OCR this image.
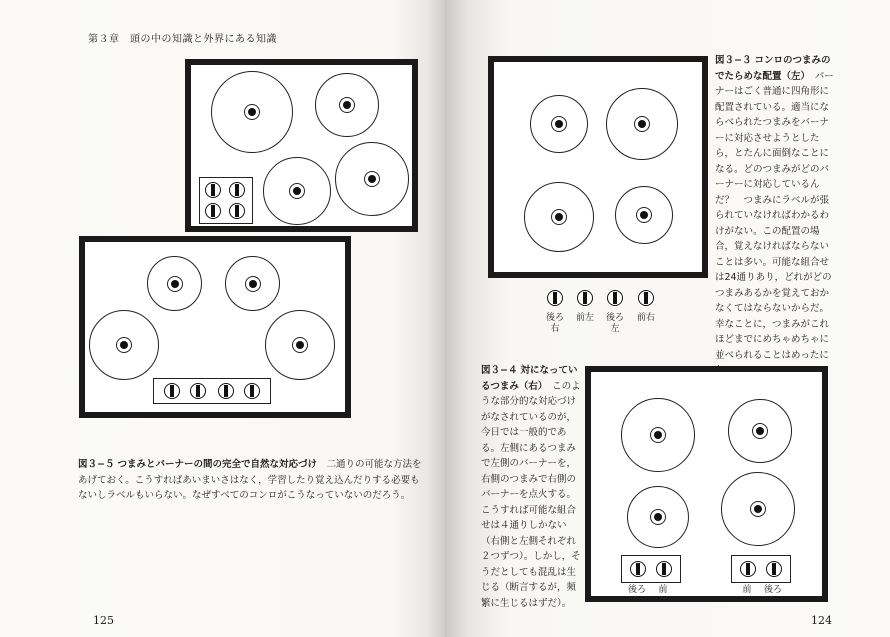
第３章　頭の中の知識と外界にある知識
図３−５ つまみとバーナーの間の完全で自然な対応づけ　二通りの可能な方法をあげておく。こうすればあいまいさはなく，学習したり覚え込んだりする必要もないしラベルもいらない。なぜすべてのコンロがこうなっていないのだろう。
125
後ろ
右
前左	後ろ
左
前右

図３−３ コンロのつまみのでたらめな配置（左）　バーナーはごく普通に四角形に配置されている。適当にならべられたつまみをバーナーに対応させようとしたら，とたんに面倒なことになる。どのつまみがどのバーナーに対応しているんだ？　つまみにラベルが張られていなければわかるわけがない。この配置の場合，覚えなければならないことは多い。可能な組合せは24通りあり，どれがどのつまみあるかを覚えておかなくてはならないからだ。幸なことに，つまみがこれほどまでにめちゃめちゃに並べられることはめったに
図３−４ 対になっているつまみ（右）　このような部分的な対応づけがなされているのが，今日では一般的である。左側にあるつまみで左側のバーナーを，右側のつまみで右側のバーナーを点火する。こうすれば可能な組合せは４通りしかない（右側と左側それぞれ２つずつ）。しかし，そうだとしても混乱は生じる（断言するが，頻繁に生じるはずだ）。
後ろ	前	前	後ろ
124
